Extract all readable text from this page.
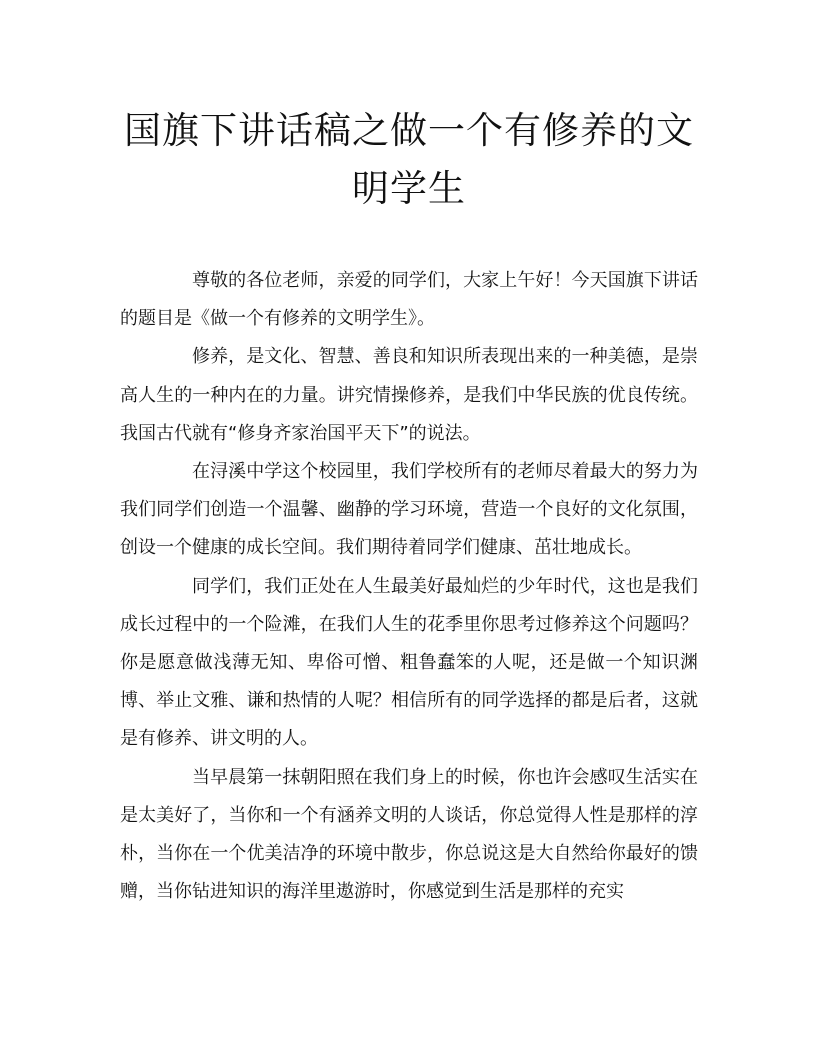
国旗下讲话稿之做一个有修养的文明学生

尊敬的各位老师，亲爱的同学们，大家上午好！今天国旗下讲话的题目是《做一个有修养的文明学生》。

修养，是文化、智慧、善良和知识所表现出来的一种美德，是崇高人生的一种内在的力量。讲究情操修养，是我们中华民族的优良传统。我国古代就有“修身齐家治国平天下”的说法。

在浔溪中学这个校园里，我们学校所有的老师尽着最大的努力为我们同学们创造一个温馨、幽静的学习环境，营造一个良好的文化氛围，创设一个健康的成长空间。我们期待着同学们健康、茁壮地成长。

同学们，我们正处在人生最美好最灿烂的少年时代，这也是我们成长过程中的一个险滩，在我们人生的花季里你思考过修养这个问题吗？你是愿意做浅薄无知、卑俗可憎、粗鲁蠢笨的人呢，还是做一个知识渊博、举止文雅、谦和热情的人呢？相信所有的同学选择的都是后者，这就是有修养、讲文明的人。

当早晨第一抹朝阳照在我们身上的时候，你也许会感叹生活实在是太美好了，当你和一个有涵养文明的人谈话，你总觉得人性是那样的淳朴，当你在一个优美洁净的环境中散步，你总说这是大自然给你最好的馈赠，当你钻进知识的海洋里遨游时，你感觉到生活是那样的充实
